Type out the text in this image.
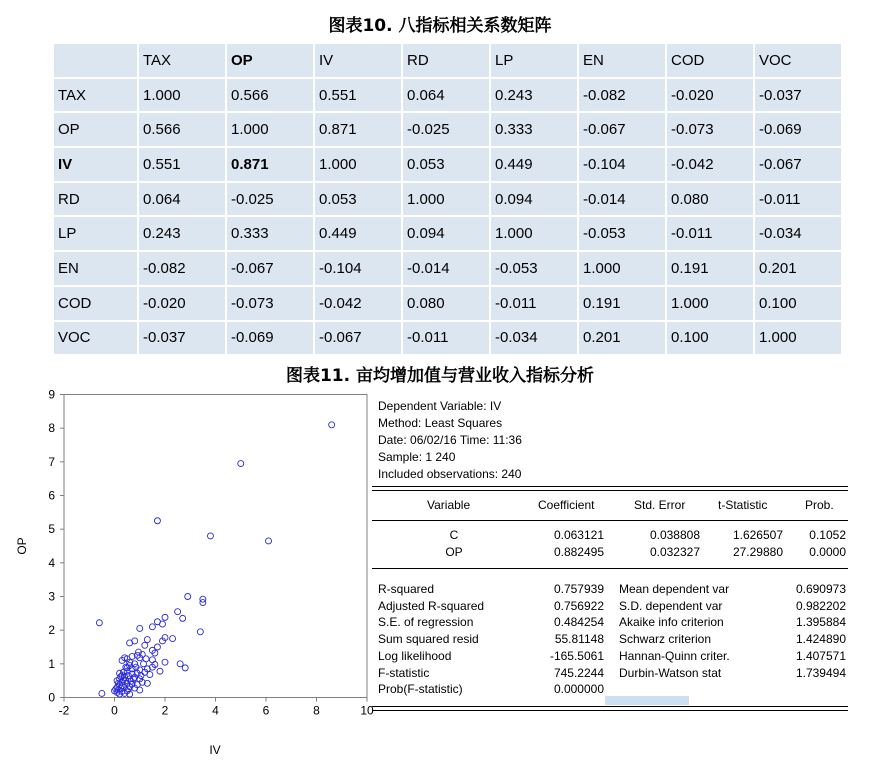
图表10. 八指标相关系数矩阵
	TAX	OP	IV	RD	LP	EN	COD	VOC
TAX	1.000	0.566	0.551	0.064	0.243	-0.082	-0.020	-0.037
OP	0.566	1.000	0.871	-0.025	0.333	-0.067	-0.073	-0.069
IV	0.551	0.871	1.000	0.053	0.449	-0.104	-0.042	-0.067
RD	0.064	-0.025	0.053	1.000	0.094	-0.014	0.080	-0.011
LP	0.243	0.333	0.449	0.094	1.000	-0.053	-0.011	-0.034
EN	-0.082	-0.067	-0.104	-0.014	-0.053	1.000	0.191	0.201
COD	-0.020	-0.073	-0.042	0.080	-0.011	0.191	1.000	0.100
VOC	-0.037	-0.069	-0.067	-0.011	-0.034	0.201	0.100	1.000
图表11. 亩均增加值与营业收入指标分析
-2	0	2	4	6	8	10
0
1
2
3
4
5
6
7
8
9
IV
OP
Dependent Variable: IV
Method: Least Squares
Date: 06/02/16 Time: 11:36
Sample: 1 240
Included observations: 240
Variable	Coefficient	Std. Error	t-Statistic	Prob.
C	0.063121	0.038808	1.626507 0.1052
OP	0.882495	0.032327	27.29880 0.0000
R-squared	0.757939 Mean dependent var	0.690973
Adjusted R-squared	0.756922 S.D. dependent var	0.982202
S.E. of regression	0.484254 Akaike info criterion	1.395884
Sum squared resid	55.81148 Schwarz criterion	1.424890
Log likelihood	-165.5061 Hannan-Quinn criter.	1.407571
F-statistic	745.2244 Durbin-Watson stat	1.739494
Prob(F-statistic)	0.000000
